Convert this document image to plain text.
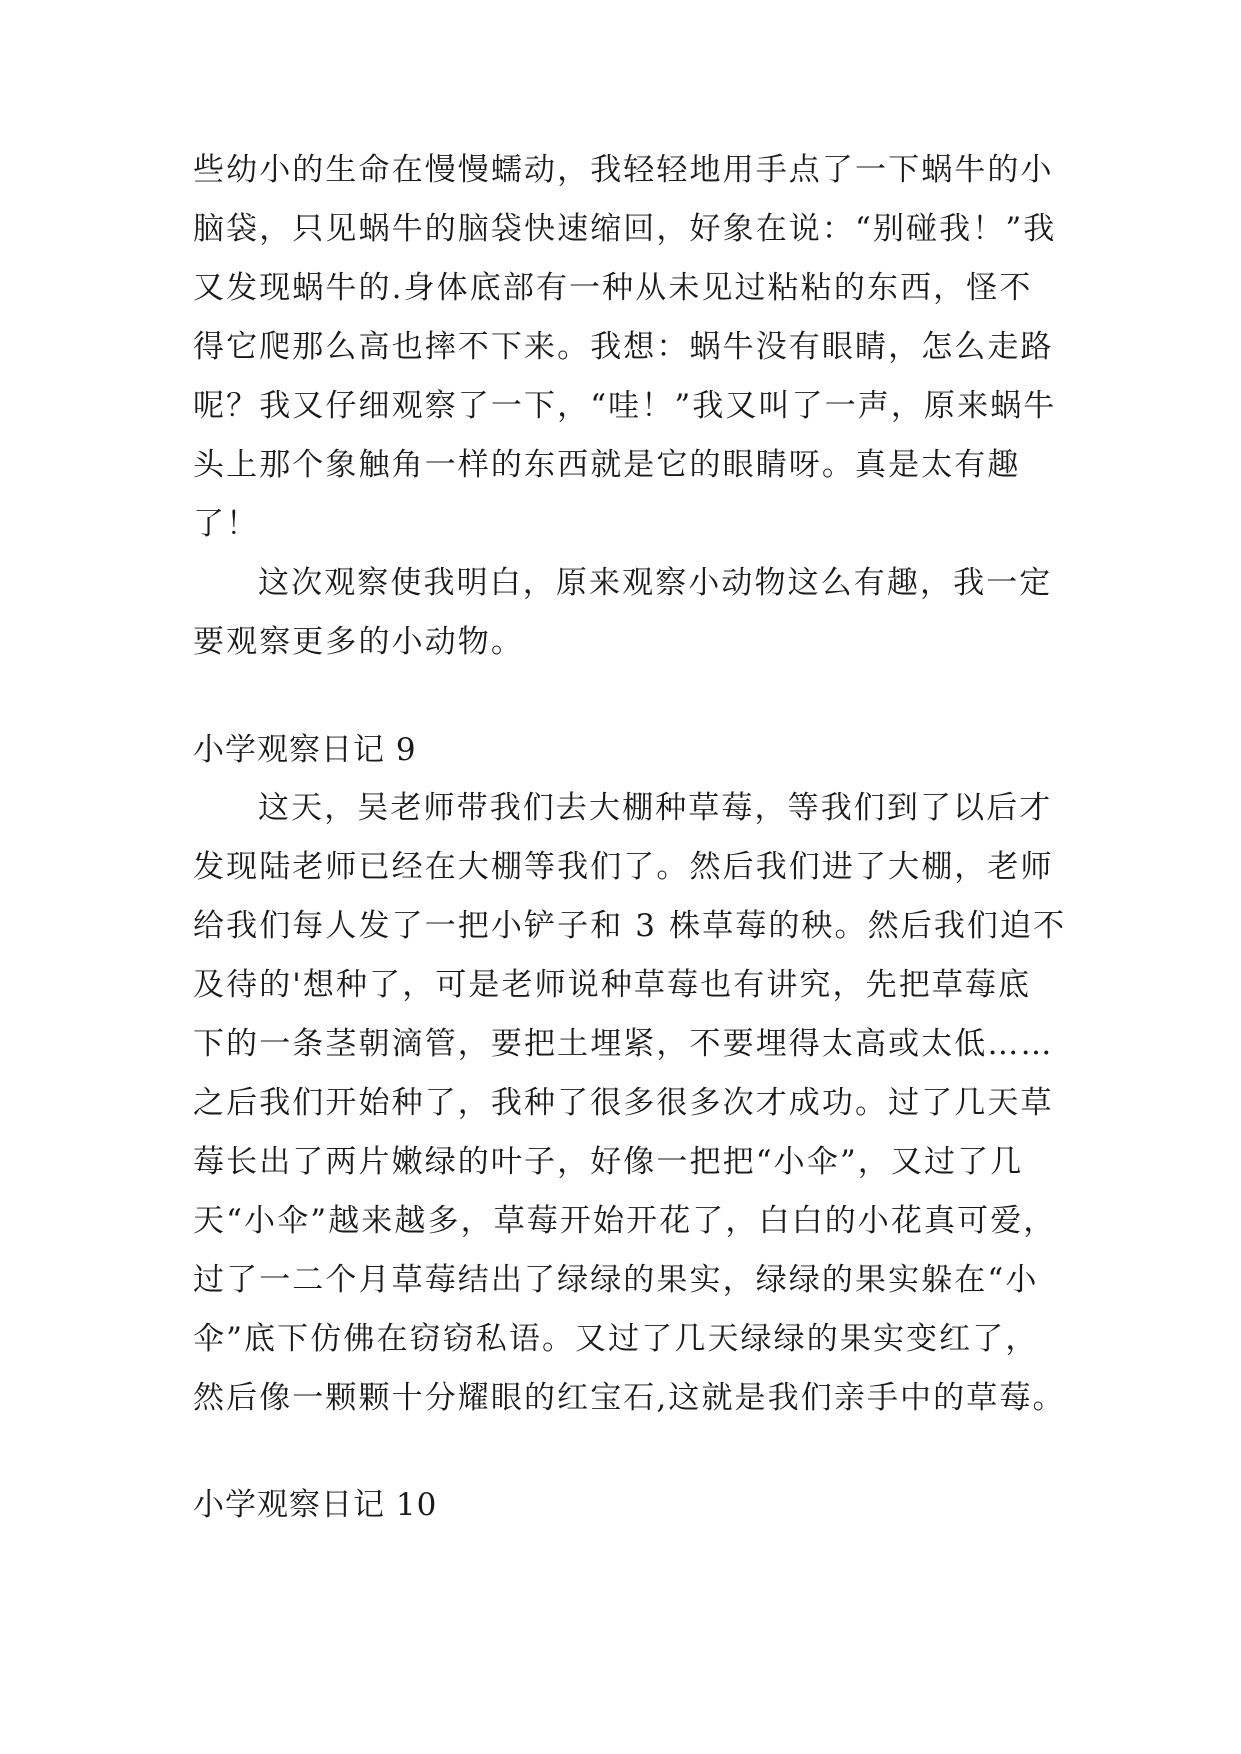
些幼小的生命在慢慢蠕动，我轻轻地用手点了一下蜗牛的小
脑袋，只见蜗牛的脑袋快速缩回，好象在说：“别碰我！”我
又发现蜗牛的.身体底部有一种从未见过粘粘的东西，怪不
得它爬那么高也摔不下来。我想：蜗牛没有眼睛，怎么走路
呢？我又仔细观察了一下，“哇！”我又叫了一声，原来蜗牛
头上那个象触角一样的东西就是它的眼睛呀。真是太有趣
了！
这次观察使我明白，原来观察小动物这么有趣，我一定
要观察更多的小动物。
小学观察日记 9
这天，吴老师带我们去大棚种草莓，等我们到了以后才
发现陆老师已经在大棚等我们了。然后我们进了大棚，老师
给我们每人发了一把小铲子和 3 株草莓的秧。然后我们迫不
及待的'想种了，可是老师说种草莓也有讲究，先把草莓底
下的一条茎朝滴管，要把土埋紧，不要埋得太高或太低……
之后我们开始种了，我种了很多很多次才成功。过了几天草
莓长出了两片嫩绿的叶子，好像一把把“小伞”，又过了几
天“小伞”越来越多，草莓开始开花了，白白的小花真可爱，
过了一二个月草莓结出了绿绿的果实，绿绿的果实躲在“小
伞”底下仿佛在窃窃私语。又过了几天绿绿的果实变红了，
然后像一颗颗十分耀眼的红宝石,这就是我们亲手中的草莓。
小学观察日记 10
